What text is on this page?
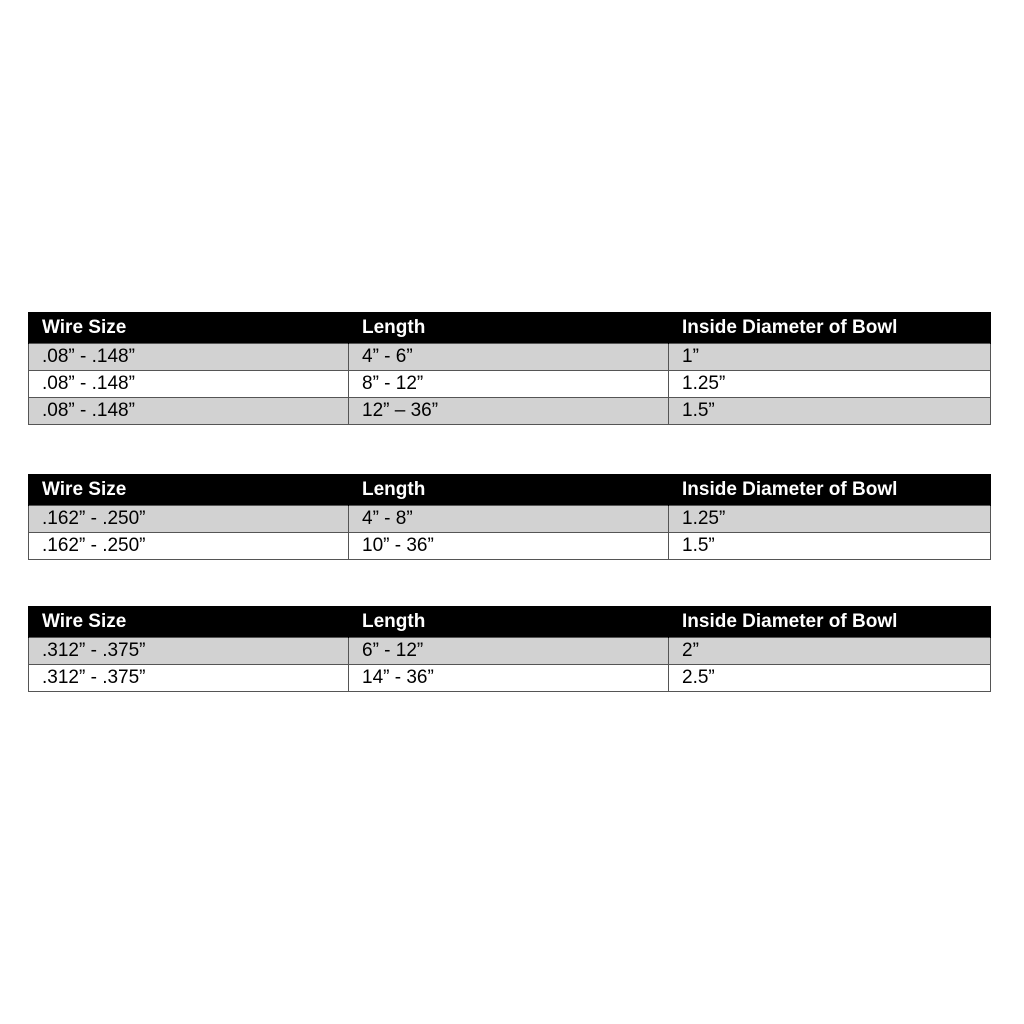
Wire Size	Length	Inside Diameter of Bowl
.08” - .148”	4” - 6”	1”
.08” - .148”	8” - 12”	1.25”
.08” - .148”	12” – 36”	1.5”
Wire Size	Length	Inside Diameter of Bowl
.162” - .250”	4” - 8”	1.25”
.162” - .250”	10” - 36”	1.5”
Wire Size	Length	Inside Diameter of Bowl
.312” - .375”	6” - 12”	2”
.312” - .375”	14” - 36”	2.5”
